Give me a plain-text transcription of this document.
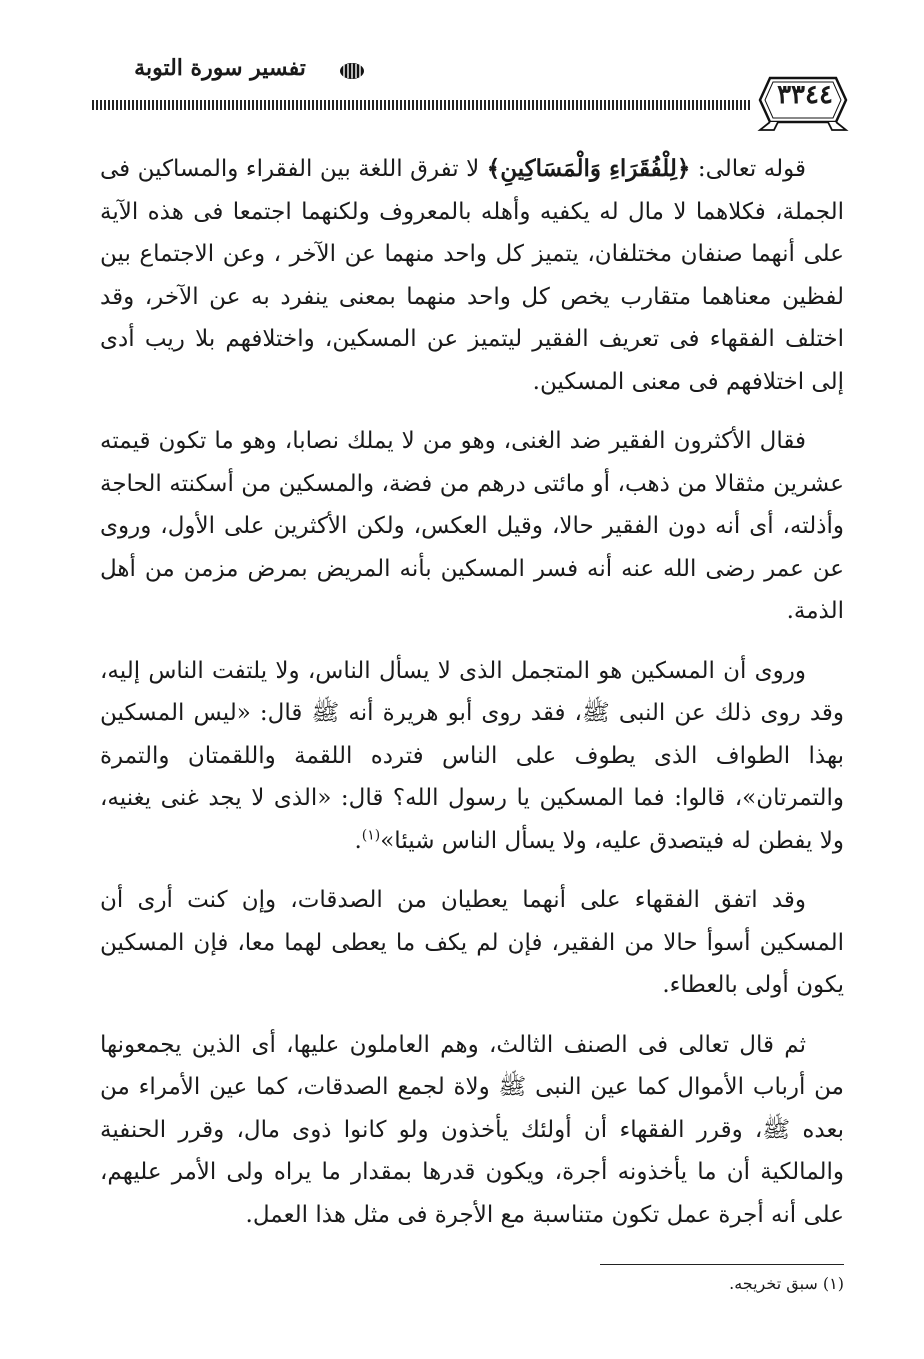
تفسير سورة التوبة
٣٣٤٤

قوله تعالى: ﴿لِلْفُقَرَاءِ وَالْمَسَاكِينِ﴾ لا تفرق اللغة بين الفقراء والمساكين فى الجملة، فكلاهما لا مال له يكفيه وأهله بالمعروف ولكنهما اجتمعا فى هذه الآية على أنهما صنفان مختلفان، يتميز كل واحد منهما عن الآخر ، وعن الاجتماع بين لفظين معناهما متقارب يخص كل واحد منهما بمعنى ينفرد به عن الآخر، وقد اختلف الفقهاء فى تعريف الفقير ليتميز عن المسكين، واختلافهم بلا ريب أدى إلى اختلافهم فى معنى المسكين.

فقال الأكثرون الفقير ضد الغنى، وهو من لا يملك نصابا، وهو ما تكون قيمته عشرين مثقالا من ذهب، أو مائتى درهم من فضة، والمسكين من أسكنته الحاجة وأذلته، أى أنه دون الفقير حالا، وقيل العكس، ولكن الأكثرين على الأول، وروى عن عمر رضى الله عنه أنه فسر المسكين بأنه المريض بمرض مزمن من أهل الذمة.

وروى أن المسكين هو المتجمل الذى لا يسأل الناس، ولا يلتفت الناس إليه، وقد روى ذلك عن النبى ﷺ، فقد روى أبو هريرة أنه ﷺ قال: «ليس المسكين بهذا الطواف الذى يطوف على الناس فترده اللقمة واللقمتان والتمرة والتمرتان»، قالوا: فما المسكين يا رسول الله؟ قال: «الذى لا يجد غنى يغنيه، ولا يفطن له فيتصدق عليه، ولا يسأل الناس شيئا»$^{(١)}$.

وقد اتفق الفقهاء على أنهما يعطيان من الصدقات، وإن كنت أرى أن المسكين أسوأ حالا من الفقير، فإن لم يكف ما يعطى لهما معا، فإن المسكين يكون أولى بالعطاء.

ثم قال تعالى فى الصنف الثالث، وهم العاملون عليها، أى الذين يجمعونها من أرباب الأموال كما عين النبى ﷺ ولاة لجمع الصدقات، كما عين الأمراء من بعده ﷺ، وقرر الفقهاء أن أولئك يأخذون ولو كانوا ذوى مال، وقرر الحنفية والمالكية أن ما يأخذونه أجرة، ويكون قدرها بمقدار ما يراه ولى الأمر عليهم، على أنه أجرة عمل تكون متناسبة مع الأجرة فى مثل هذا العمل.

(١) سبق تخريجه.
